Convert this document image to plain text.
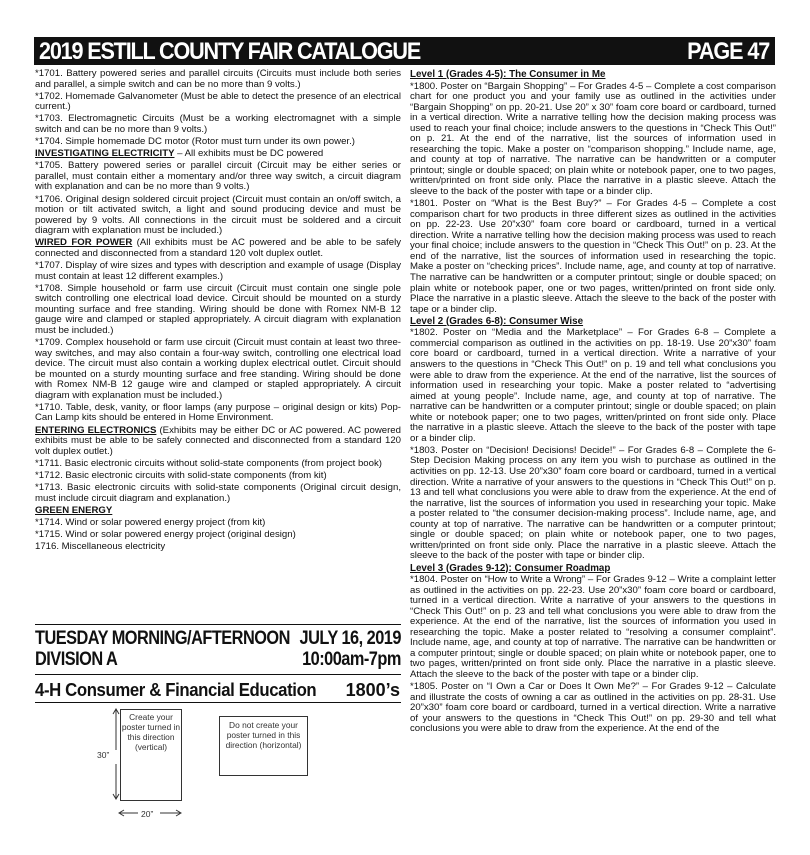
2019 ESTILL COUNTY FAIR CATALOGUE	PAGE 47

*1701. Battery powered series and parallel circuits (Circuits must include both series and parallel, a simple switch and can be no more than 9 volts.)

*1702. Homemade Galvanometer (Must be able to detect the presence of an electrical current.)

*1703. Electromagnetic Circuits (Must be a working electromagnet with a simple switch and can be no more than 9 volts.)

*1704. Simple homemade DC motor (Rotor must turn under its own power.)

INVESTIGATING ELECTRICITY – All exhibits must be DC powered

*1705. Battery powered series or parallel circuit (Circuit may be either series or parallel, must contain either a momentary and/or three way switch, a circuit diagram with explanation and can be no more than 9 volts.)

*1706. Original design soldered circuit project (Circuit must contain an on/off switch, a motion or tilt activated switch, a light and sound producing device and must be powered by 9 volts. All connections in the circuit must be soldered and a circuit diagram with explanation must be included.)

WIRED FOR POWER (All exhibits must be AC powered and be able to be safely connected and disconnected from a standard 120 volt duplex outlet.

*1707. Display of wire sizes and types with description and example of usage (Display must contain at least 12 different examples.)

*1708. Simple household or farm use circuit (Circuit must contain one single pole switch controlling one electrical load device. Circuit should be mounted on a sturdy mounting surface and free standing. Wiring should be done with Romex NM-B 12 gauge wire and clamped or stapled appropriately. A circuit diagram with explanation must be included.)

*1709. Complex household or farm use circuit (Circuit must contain at least two three-way switches, and may also contain a four-way switch, controlling one electrical load device. The circuit must also contain a working duplex electrical outlet. Circuit should be mounted on a sturdy mounting surface and free standing. Wiring should be done with Romex NM-B 12 gauge wire and clamped or stapled appropriately. A circuit diagram with explanation must be included.)

*1710. Table, desk, vanity, or floor lamps (any purpose – original design or kits) Pop-Can Lamp kits should be entered in Home Environment.

ENTERING ELECTRONICS (Exhibits may be either DC or AC powered. AC powered exhibits must be able to be safely connected and disconnected from a standard 120 volt duplex outlet.)

*1711. Basic electronic circuits without solid-state components (from project book)

*1712. Basic electronic circuits with solid-state components (from kit)

*1713. Basic electronic circuits with solid-state components (Original circuit design, must include circuit diagram and explanation.)

GREEN ENERGY

*1714. Wind or solar powered energy project (from kit)

*1715. Wind or solar powered energy project (original design)

1716. Miscellaneous electricity

TUESDAY MORNING/AFTERNOON JULY 16, 2019
DIVISION A	10:00am-7pm
4-H Consumer & Financial Education 1800’s
Create your poster turned in this direction (vertical)
Do not create your poster turned in this direction (horizontal)
30”
20”

Level 1 (Grades 4-5): The Consumer in Me

*1800. Poster on “Bargain Shopping” – For Grades 4-5 – Complete a cost comparison chart for one product you and your family use as outlined in the activities under “Bargain Shopping” on pp. 20-21. Use 20” x 30” foam core board or cardboard, turned in a vertical direction. Write a narrative telling how the decision making process was used to reach your final choice; include answers to the questions in “Check This Out!” on p. 21. At the end of the narrative, list the sources of information used in researching the topic. Make a poster on “comparison shopping.” Include name, age, and county at top of narrative. The narrative can be handwritten or a computer printout; single or double spaced; on plain white or notebook paper, one to two pages, written/printed on front side only. Place the narrative in a plastic sleeve. Attach the sleeve to the back of the poster with tape or a binder clip.

*1801. Poster on “What is the Best Buy?” – For Grades 4-5 – Complete a cost comparison chart for two products in three different sizes as outlined in the activities on pp. 22-23. Use 20”x30” foam core board or cardboard, turned in a vertical direction. Write a narrative telling how the decision making process was used to reach your final choice; include answers to the question in “Check This Out!” on p. 23. At the end of the narrative, list the sources of information used in researching the topic. Make a poster on “checking prices”. Include name, age, and county at top of narrative. The narrative can be handwritten or a computer printout; single or double spaced; on plain white or notebook paper, one or two pages, written/printed on front side only. Place the narrative in a plastic sleeve. Attach the sleeve to the back of the poster with tape or a binder clip.

Level 2 (Grades 6-8): Consumer Wise

*1802. Poster on “Media and the Marketplace” – For Grades 6-8 – Complete a commercial comparison as outlined in the activities on pp. 18-19. Use 20”x30” foam core board or cardboard, turned in a vertical direction. Write a narrative of your answers to the questions in “Check This Out!” on p. 19 and tell what conclusions you were able to draw from the experience. At the end of the narrative, list the sources of information used in researching your topic. Make a poster related to “advertising aimed at young people”. Include name, age, and county at top of narrative. The narrative can be handwritten or a computer printout; single or double spaced; on plain white or notebook paper; one to two pages, written/printed on front side only. Place the narrative in a plastic sleeve. Attach the sleeve to the back of the poster with tape or a binder clip.

*1803. Poster on “Decision! Decisions! Decide!” – For Grades 6-8 – Complete the 6-Step Decision Making process on any item you wish to purchase as outlined in the activities on pp. 12-13. Use 20”x30” foam core board or cardboard, turned in a vertical direction. Write a narrative of your answers to the questions in “Check This Out!” on p. 13 and tell what conclusions you were able to draw from the experience. At the end of the narrative, list the sources of information you used in researching your topic. Make a poster related to “the consumer decision-making process”. Include name, age, and county at top of narrative. The narrative can be handwritten or a computer printout; single or double spaced; on plain white or notebook paper, one to two pages, written/printed on front side only. Place the narrative in a plastic sleeve. Attach the sleeve to the back of the poster with tape or binder clip.

Level 3 (Grades 9-12): Consumer Roadmap

*1804. Poster on “How to Write a Wrong” – For Grades 9-12 – Write a complaint letter as outlined in the activities on pp. 22-23. Use 20”x30” foam core board or cardboard, turned in a vertical direction. Write a narrative of your answers to the questions in “Check This Out!” on p. 23 and tell what conclusions you were able to draw from the experience. At the end of the narrative, list the sources of information you used in researching the topic. Make a poster related to “resolving a consumer complaint”. Include name, age, and county at top of narrative. The narrative can be handwritten or a computer printout; single or double spaced; on plain white or notebook paper, one to two pages, written/printed on front side only. Place the narrative in a plastic sleeve. Attach the sleeve to the back of the poster with tape or a binder clip.

*1805. Poster on “I Own a Car or Does It Own Me?” – For Grades 9-12 – Calculate and illustrate the costs of owning a car as outlined in the activities on pp. 28-31. Use 20”x30” foam core board or cardboard, turned in a vertical direction. Write a narrative of your answers to the questions in “Check This Out!” on pp. 29-30 and tell what conclusions you were able to draw from the experience. At the end of the
